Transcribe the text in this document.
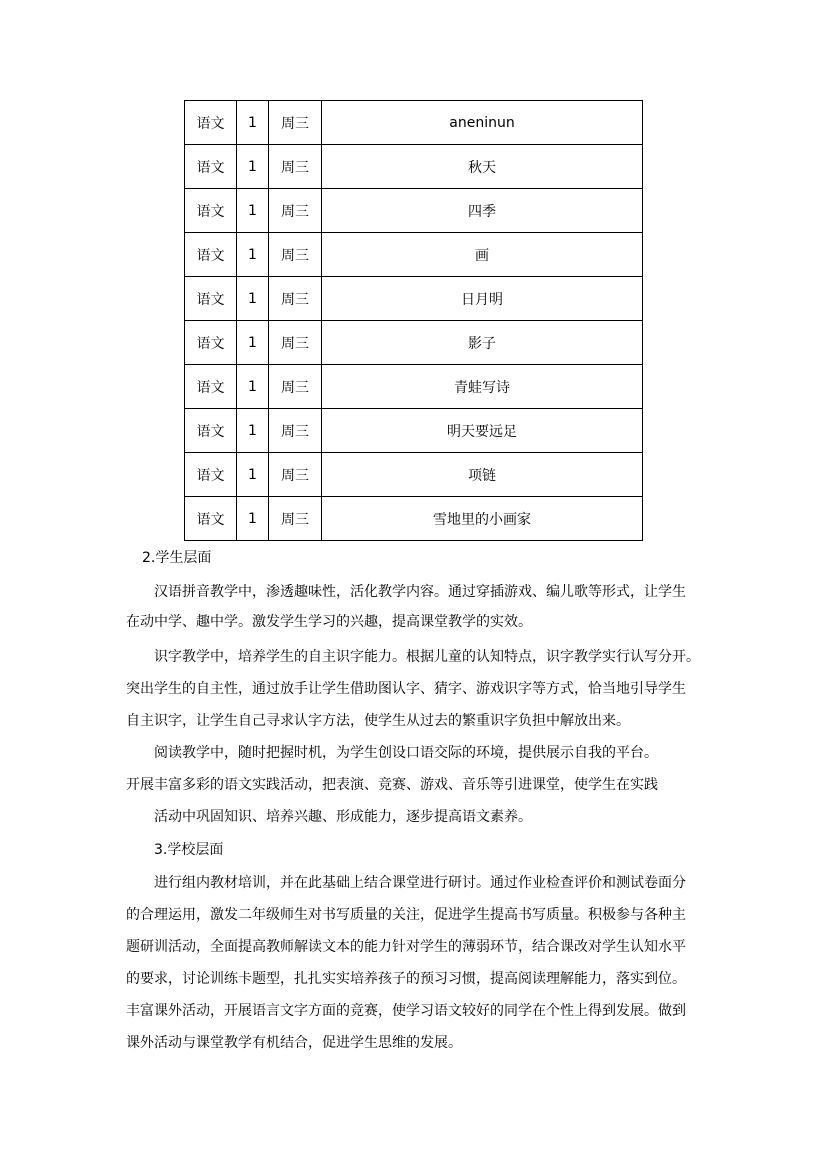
语文	1	周三	aneninun
语文	1	周三	秋天
语文	1	周三	四季
语文	1	周三	画
语文	1	周三	日月明
语文	1	周三	影子
语文	1	周三	青蛙写诗
语文	1	周三	明天要远足
语文	1	周三	项链
语文	1	周三	雪地里的小画家
2.学生层面
汉语拼音教学中，渗透趣味性，活化教学内容。通过穿插游戏、编儿歌等形式，让学生
在动中学、趣中学。激发学生学习的兴趣，提高课堂教学的实效。
识字教学中，培养学生的自主识字能力。根据儿童的认知特点，识字教学实行认写分开。
突出学生的自主性，通过放手让学生借助图认字、猜字、游戏识字等方式，恰当地引导学生
自主识字，让学生自己寻求认字方法，使学生从过去的繁重识字负担中解放出来。
阅读教学中，随时把握时机，为学生创设口语交际的环境，提供展示自我的平台。
开展丰富多彩的语文实践活动，把表演、竞赛、游戏、音乐等引进课堂，使学生在实践
活动中巩固知识、培养兴趣、形成能力，逐步提高语文素养。
3.学校层面
进行组内教材培训，并在此基础上结合课堂进行研讨。通过作业检查评价和测试卷面分
的合理运用，激发二年级师生对书写质量的关注，促进学生提高书写质量。积极参与各种主
题研训活动，全面提高教师解读文本的能力针对学生的薄弱环节，结合课改对学生认知水平
的要求，讨论训练卡题型，扎扎实实培养孩子的预习习惯，提高阅读理解能力，落实到位。
丰富课外活动，开展语言文字方面的竞赛，使学习语文较好的同学在个性上得到发展。做到
课外活动与课堂教学有机结合，促进学生思维的发展。
